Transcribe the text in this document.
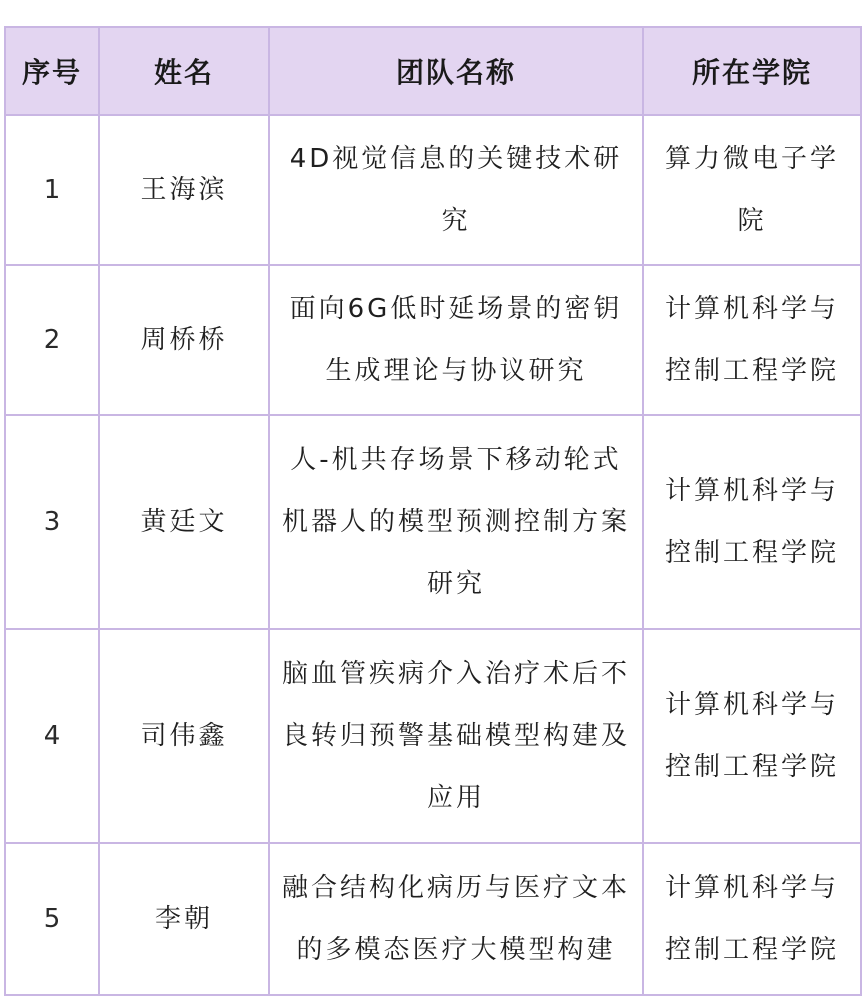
序号	姓名	团队名称	所在学院
1	王海滨	4D视觉信息的关键技术研究	算力微电子学院

2	周桥桥	面向6G低时延场景的密钥生成理论与协议研究	计算机科学与控制工程学院

3	黄廷文	人-机共存场景下移动轮式机器人的模型预测控制方案研究	计算机科学与控制工程学院

4	司伟鑫	脑血管疾病介入治疗术后不良转归预警基础模型构建及应用	计算机科学与控制工程学院

5	李朝	融合结构化病历与医疗文本的多模态医疗大模型构建	计算机科学与控制工程学院
